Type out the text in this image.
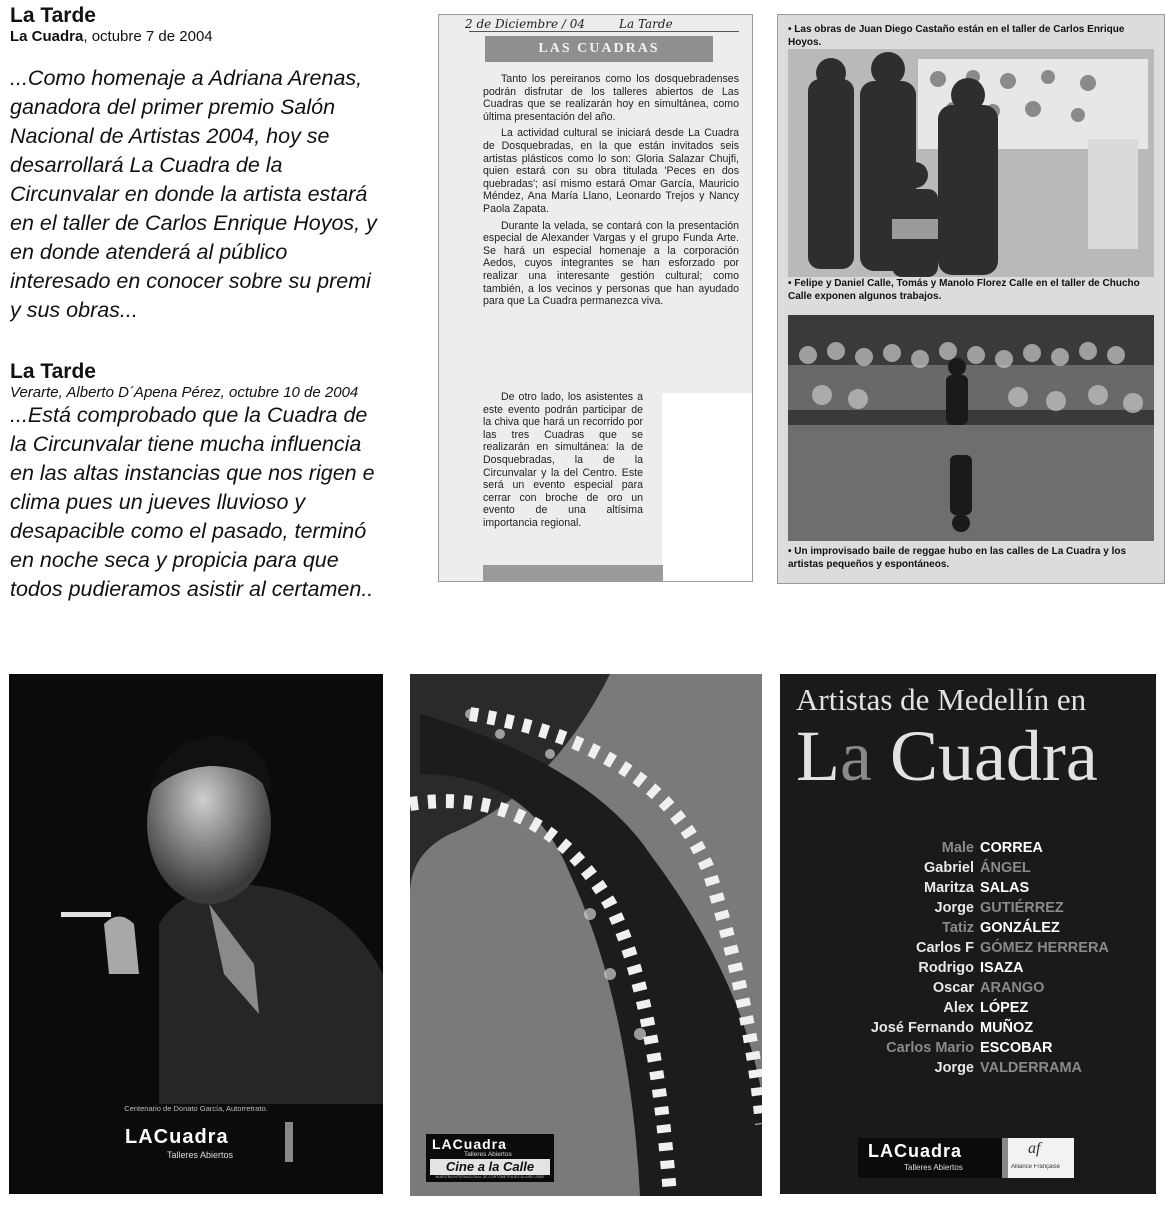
La Tarde
La Cuadra, octubre 7 de 2004
...Como homenaje a Adriana Arenas,
ganadora del primer premio Salón
Nacional de Artistas 2004, hoy se
desarrollará La Cuadra de la
Circunvalar en donde la artista estará
en el taller de Carlos Enrique Hoyos, y
en donde atenderá al público
interesado en conocer sobre su premi
y sus obras...
La Tarde
Verarte, Alberto D´Apena Pérez, octubre 10 de 2004
...Está comprobado que la Cuadra de
la Circunvalar tiene mucha influencia
en las altas instancias que nos rigen e
clima pues un jueves lluvioso y
desapacible como el pasado, terminó
en noche seca y propicia para que
todos pudieramos asistir al certamen..
2 de Diciembre / 04	La Tarde
LAS CUADRAS

Tanto los pereiranos como los dosquebradenses podrán disfrutar de los talleres abiertos de Las Cuadras que se realizarán hoy en simultánea, como última presentación del año.

La actividad cultural se iniciará desde La Cuadra de Dosquebradas, en la que están invitados seis artistas plásticos como lo son: Gloria Salazar Chujfi, quien estará con su obra titulada 'Peces en dos quebradas'; así mismo estará Omar García, Mauricio Méndez, Ana María Llano, Leonardo Trejos y Nancy Paola Zapata.

Durante la velada, se contará con la presentación especial de Alexander Vargas y el grupo Funda Arte. Se hará un especial homenaje a la corporación Aedos, cuyos integrantes se han esforzado por realizar una interesante gestión cultural; como también, a los vecinos y personas que han ayudado para que La Cuadra permanezca viva.

De otro lado, los asistentes a este evento podrán participar de la chiva que hará un recorrido por las tres Cuadras que se realizarán en simultánea: la de Dosquebradas, la de la Circunvalar y la del Centro. Este será un evento especial para cerrar con broche de oro un evento de una altísima importancia regional.

• Las obras de Juan Diego Castaño están en el taller de Carlos Enrique Hoyos.
• Felipe y Daniel Calle, Tomás y Manolo Florez Calle en el taller de Chucho Calle exponen algunos trabajos.
• Un improvisado baile de reggae hubo en las calles de La Cuadra y los artistas pequeños y espontáneos.
Centenario de Donato García, Autorretrato.
LACuadra
Talleres Abiertos
LACuadra
Talleres Abiertos
Cine a la Calle
MUESTRA INTERNACIONAL DE CORTOMETRAJES AL AIRE LIBRE
Artistas de Medellín en
La Cuadra
Male CORREA
Gabriel ÁNGEL
Maritza SALAS
Jorge GUTIÉRREZ
Tatiz GONZÁLEZ
Carlos F GÓMEZ HERRERA
Rodrigo ISAZA
Oscar ARANGO
Alex LÓPEZ
José Fernando MUÑOZ
Carlos Mario ESCOBAR
Jorge VALDERRAMA
LACuadra
Talleres Abiertos
af
Alliance Française
